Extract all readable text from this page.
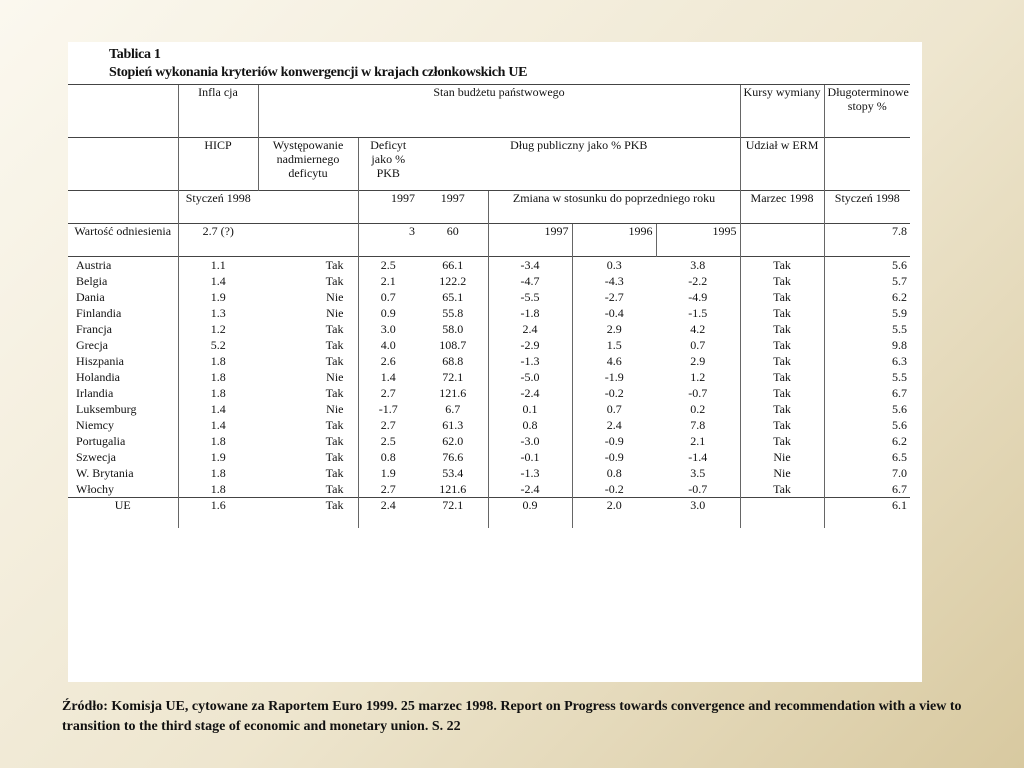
Tablica 1
Stopień wykonania kryteriów konwergencji w krajach członkowskich UE
	Infla cja	Stan budżetu państwowego						Kursy wymiany	Długoterminowe stopy %
	HICP	Występowanie nadmiernego deficytu	Deficyt jako % PKB	Dług publiczny jako % PKB				Udział w ERM	
	Styczeń 1998		1997	1997	Zmiana w stosunku do poprzedniego roku			Marzec 1998	Styczeń 1998
Wartość odniesienia	2.7 (?)		3	60	1997	1996	1995		7.8
Austria	1.1	Tak	2.5	66.1	-3.4	0.3	3.8	Tak	5.6
Belgia	1.4	Tak	2.1	122.2	-4.7	-4.3	-2.2	Tak	5.7
Dania	1.9	Nie	0.7	65.1	-5.5	-2.7	-4.9	Tak	6.2
Finlandia	1.3	Nie	0.9	55.8	-1.8	-0.4	-1.5	Tak	5.9
Francja	1.2	Tak	3.0	58.0	2.4	2.9	4.2	Tak	5.5
Grecja	5.2	Tak	4.0	108.7	-2.9	1.5	0.7	Tak	9.8
Hiszpania	1.8	Tak	2.6	68.8	-1.3	4.6	2.9	Tak	6.3
Holandia	1.8	Nie	1.4	72.1	-5.0	-1.9	1.2	Tak	5.5
Irlandia	1.8	Tak	2.7	121.6	-2.4	-0.2	-0.7	Tak	6.7
Luksemburg	1.4	Nie	-1.7	6.7	0.1	0.7	0.2	Tak	5.6
Niemcy	1.4	Tak	2.7	61.3	0.8	2.4	7.8	Tak	5.6
Portugalia	1.8	Tak	2.5	62.0	-3.0	-0.9	2.1	Tak	6.2
Szwecja	1.9	Tak	0.8	76.6	-0.1	-0.9	-1.4	Nie	6.5
W. Brytania	1.8	Tak	1.9	53.4	-1.3	0.8	3.5	Nie	7.0
Włochy	1.8	Tak	2.7	121.6	-2.4	-0.2	-0.7	Tak	6.7
UE	1.6	Tak	2.4	72.1	0.9	2.0	3.0		6.1
Źródło: Komisja UE, cytowane za Raportem Euro 1999. 25 marzec 1998. Report on Progress towards convergence and recommendation with a view to transition to the third stage of economic and monetary union. S. 22
